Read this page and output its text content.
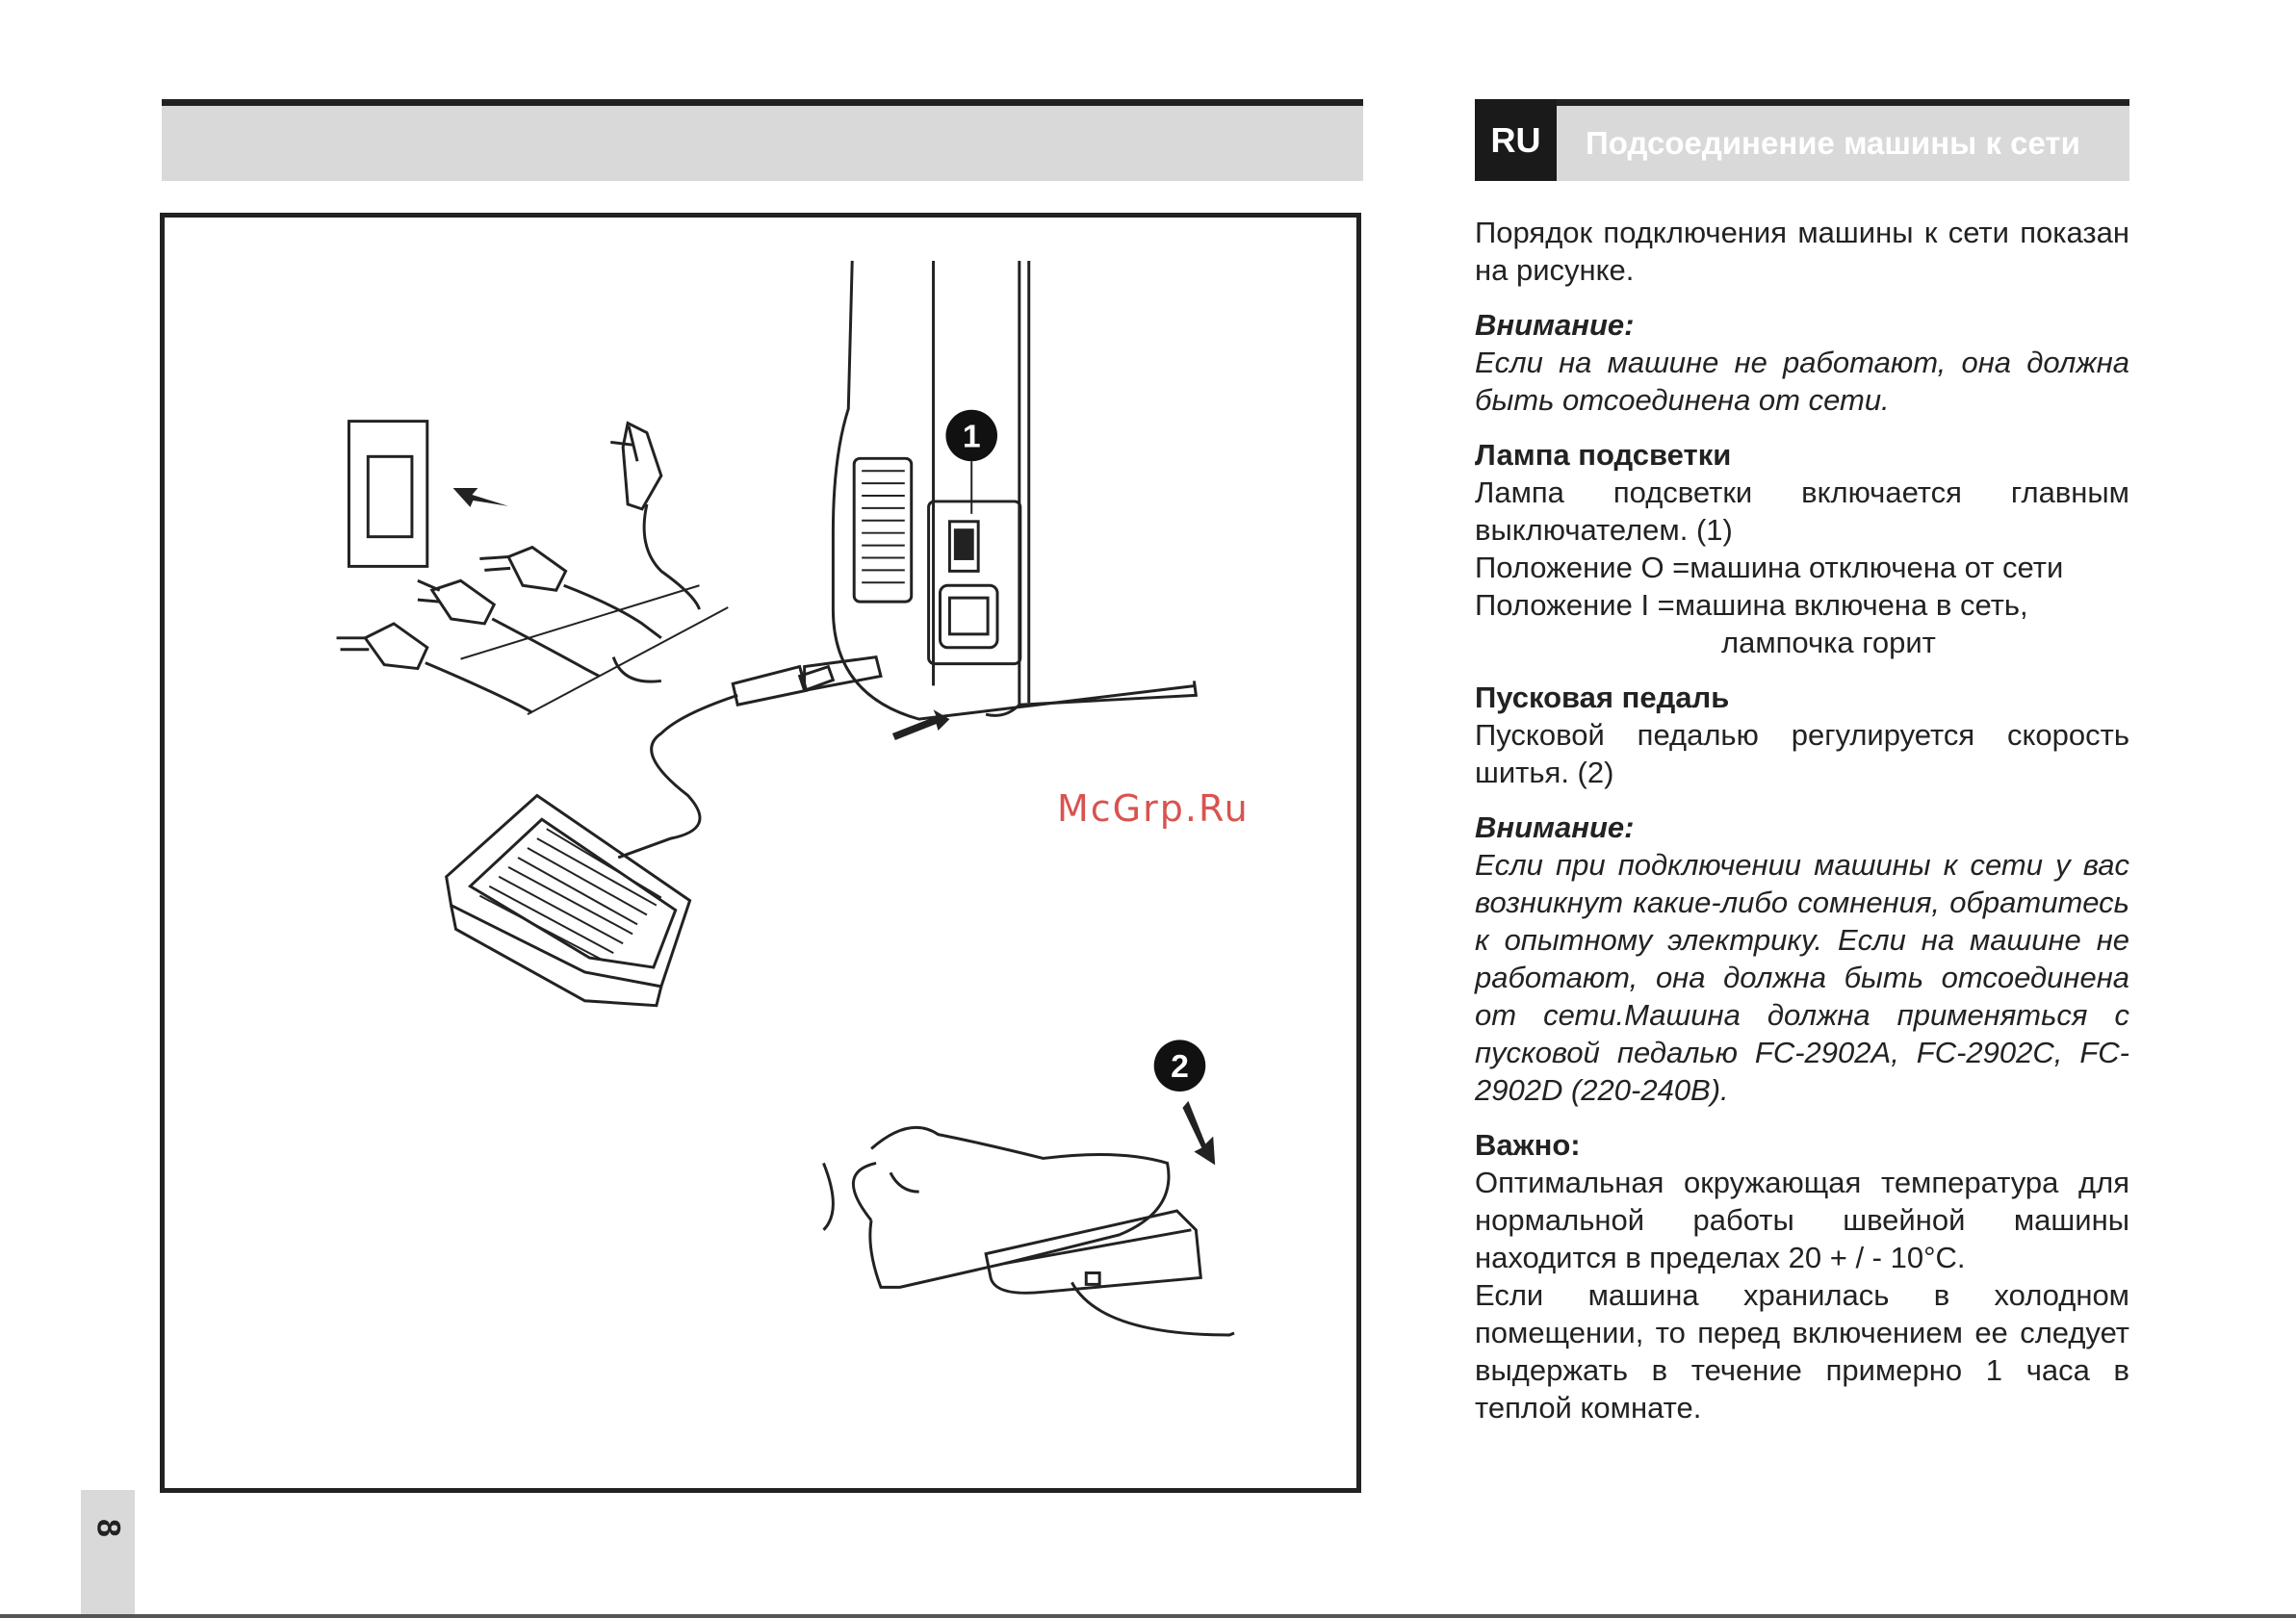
1
2
RU	Подсоединение машины к сети

Порядок подключения машины к сети показан на рисунке.

Внимание:

Если на машине не работают, она должна быть отсоединена от сети.

Лампа подсветки

Лампа подсветки включается главным выключателем. (1)

Положение O = машина отключена от сети
Положение I = машина включена в сеть,

лампочка горит

Пусковая педаль

Пусковой педалью регулируется скорость шитья. (2)

Внимание:

Если при подключении машины к сети у вас возникнут какие-либо сомнения, обратитесь к опытному электрику. Если на машине не работают, она должна быть отсоединена от сети.Машина должна применяться с пусковой педалью FC-2902A, FC-2902C, FC-2902D (220-240В).

Важно:

Оптимальная окружающая температура для нормальной работы швейной машины находится в пределах 20 + / - 10°C.

Если машина хранилась в холодном помещении, то перед включением ее следует выдержать в течение примерно 1 часа в теплой комнате.

McGrp.Ru
8
